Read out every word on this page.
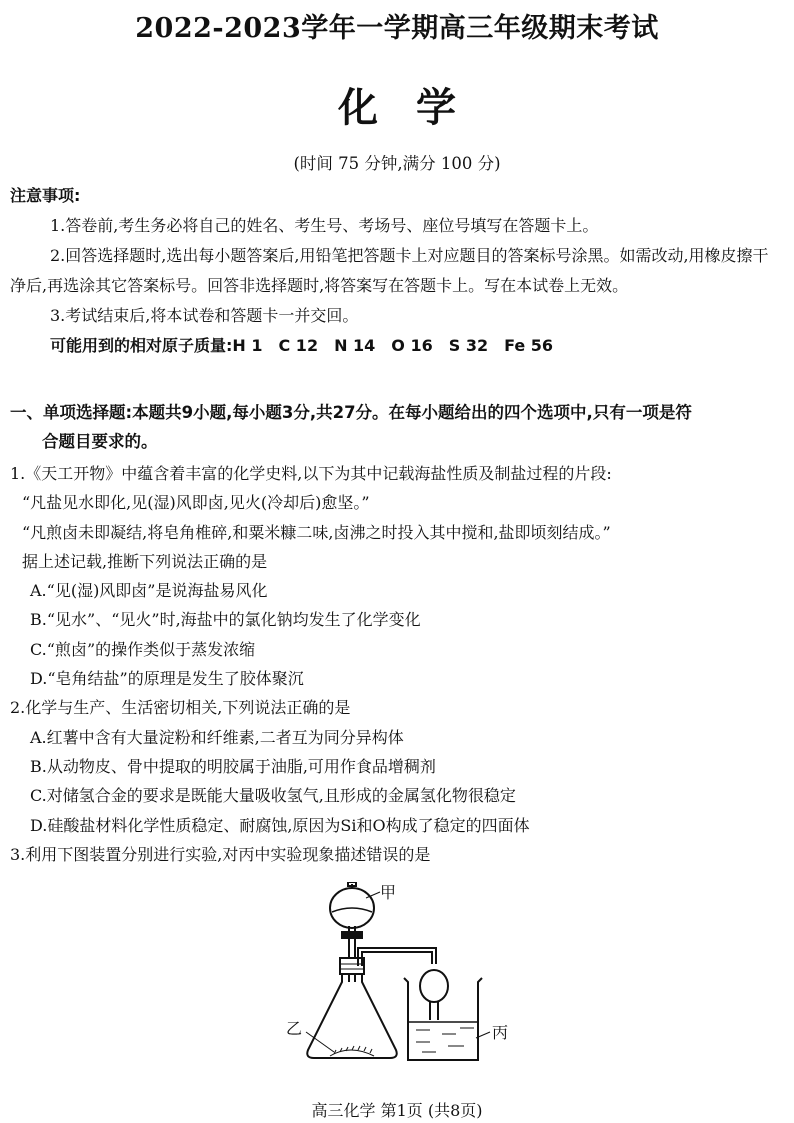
2022-2023学年一学期高三年级期末考试
化学
(时间 75 分钟,满分 100 分)
注意事项:
1.答卷前,考生务必将自己的姓名、考生号、考场号、座位号填写在答题卡上。
2.回答选择题时,选出每小题答案后,用铅笔把答题卡上对应题目的答案标号涂黑。如需改动,用橡皮擦干净后,再选涂其它答案标号。回答非选择题时,将答案写在答题卡上。写在本试卷上无效。
3.考试结束后,将本试卷和答题卡一并交回。
可能用到的相对原子质量:H 1　C 12　N 14　O 16　S 32　Fe 56
一、单项选择题:本题共9小题,每小题3分,共27分。在每小题给出的四个选项中,只有一项是符
合题目要求的。
1.《天工开物》中蕴含着丰富的化学史料,以下为其中记载海盐性质及制盐过程的片段:
“凡盐见水即化,见(湿)风即卤,见火(冷却后)愈坚。”
“凡煎卤未即凝结,将皂角椎碎,和粟米糠二味,卤沸之时投入其中搅和,盐即顷刻结成。”
据上述记载,推断下列说法正确的是
A.“见(湿)风即卤”是说海盐易风化
B.“见水”、“见火”时,海盐中的氯化钠均发生了化学变化
C.“煎卤”的操作类似于蒸发浓缩
D.“皂角结盐”的原理是发生了胶体聚沉
2.化学与生产、生活密切相关,下列说法正确的是
A.红薯中含有大量淀粉和纤维素,二者互为同分异构体
B.从动物皮、骨中提取的明胶属于油脂,可用作食品增稠剂
C.对储氢合金的要求是既能大量吸收氢气,且形成的金属氢化物很稳定
D.硅酸盐材料化学性质稳定、耐腐蚀,原因为Si和O构成了稳定的四面体
3.利用下图装置分别进行实验,对丙中实验现象描述错误的是
甲
乙	丙
高三化学 第1页 (共8页)
